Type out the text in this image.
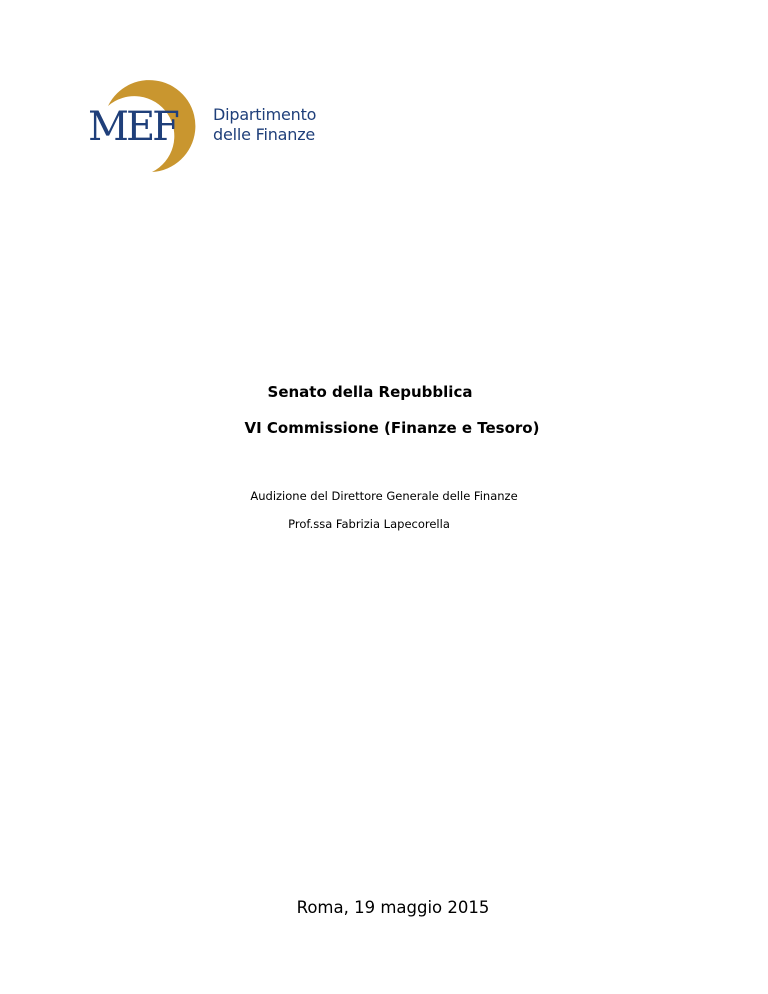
MEF Dipartimento
delle Finanze
Senato della Repubblica
VI Commissione (Finanze e Tesoro)
Audizione del Direttore Generale delle Finanze
Prof.ssa Fabrizia Lapecorella
Roma, 19 maggio 2015
